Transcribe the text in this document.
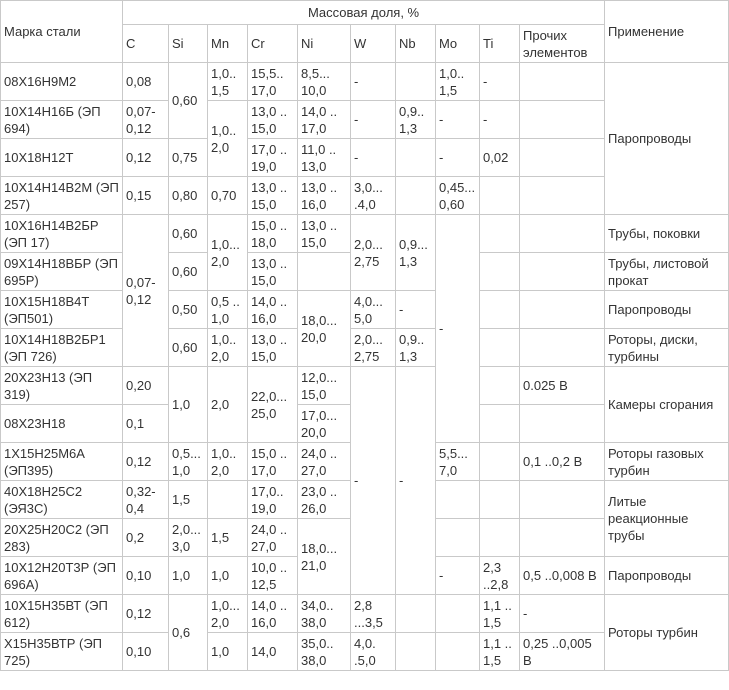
Марка стали	Массовая доля, %										Применение
	C	Si	Mn	Cr	Ni	W	Nb	Mo	Ti	Прочих элементов	
08Х16Н9М2	0,08	0,60	1,0.. 1,5	15,5.. 17,0	8,5... 10,0	-		1,0.. 1,5	-		Паропроводы
10Х14Н16Б (ЭП 694)	0,07- 0,12		1,0.. 2,0	13,0 .. 15,0	14,0 .. 17,0	-	0,9.. 1,3	-	-		
10Х18Н12Т	0,12	0,75		17,0 .. 19,0	11,0 .. 13,0	-		-	0,02		
10Х14Н14В2М (ЭП 257)	0,15	0,80	0,70	13,0 .. 15,0	13,0 .. 16,0	3,0... .4,0		0,45... 0,60			
10Х16Н14В2БР (ЭП 17)	0,07- 0,12	0,60	1,0... 2,0	15,0 .. 18,0	13,0 .. 15,0	2,0... 2,75	0,9... 1,3	-			Трубы, поковки
09Х14Н18ВБР (ЭП 695Р)		0,60		13,0 .. 15,0							Трубы, листовой прокат
10Х15Н18В4Т (ЭП501)		0,50	0,5 .. 1,0	14,0 .. 16,0	18,0... 20,0	4,0... 5,0	-				Паропроводы
10Х14Н18В2БР1 (ЭП 726)		0,60	1,0.. 2,0	13,0 .. 15,0		2,0... 2,75	0,9.. 1,3				Роторы, диски, турбины
20Х23Н13 (ЭП 319)	0,20	1,0	2,0	22,0... 25,0	12,0... 15,0	-	-			0.025 В	Камеры сгорания
08Х23Н18	0,1				17,0... 20,0						
1Х15Н25М6А (ЭП395)	0,12	0,5... 1,0	1,0.. 2,0	15,0 .. 17,0	24,0 .. 27,0			5,5... 7,0		0,1 ..0,2 В	Роторы газовых турбин
40Х18Н25С2 (ЭЯ3С)	0,32- 0,4	1,5		17,0.. 19,0	23,0 .. 26,0						Литые реакционные трубы
20Х25Н20С2 (ЭП 283)	0,2	2,0... 3,0	1,5	24,0 .. 27,0	18,0... 21,0						
10Х12Н20Т3Р (ЭП 696А)	0,10	1,0	1,0	10,0 .. 12,5				-	2,3 ..2,8	0,5 ..0,008 В	Паропроводы
10Х15Н35ВТ (ЭП 612)	0,12	0,6	1,0... 2,0	14,0 .. 16,0	34,0.. 38,0	2,8 ...3,5			1,1 .. 1,5	-	Роторы турбин
Х15Н35ВТР (ЭП 725)	0,10		1,0	14,0	35,0.. 38,0	4,0. .5,0			1,1 .. 1,5	0,25 ..0,005 В	
